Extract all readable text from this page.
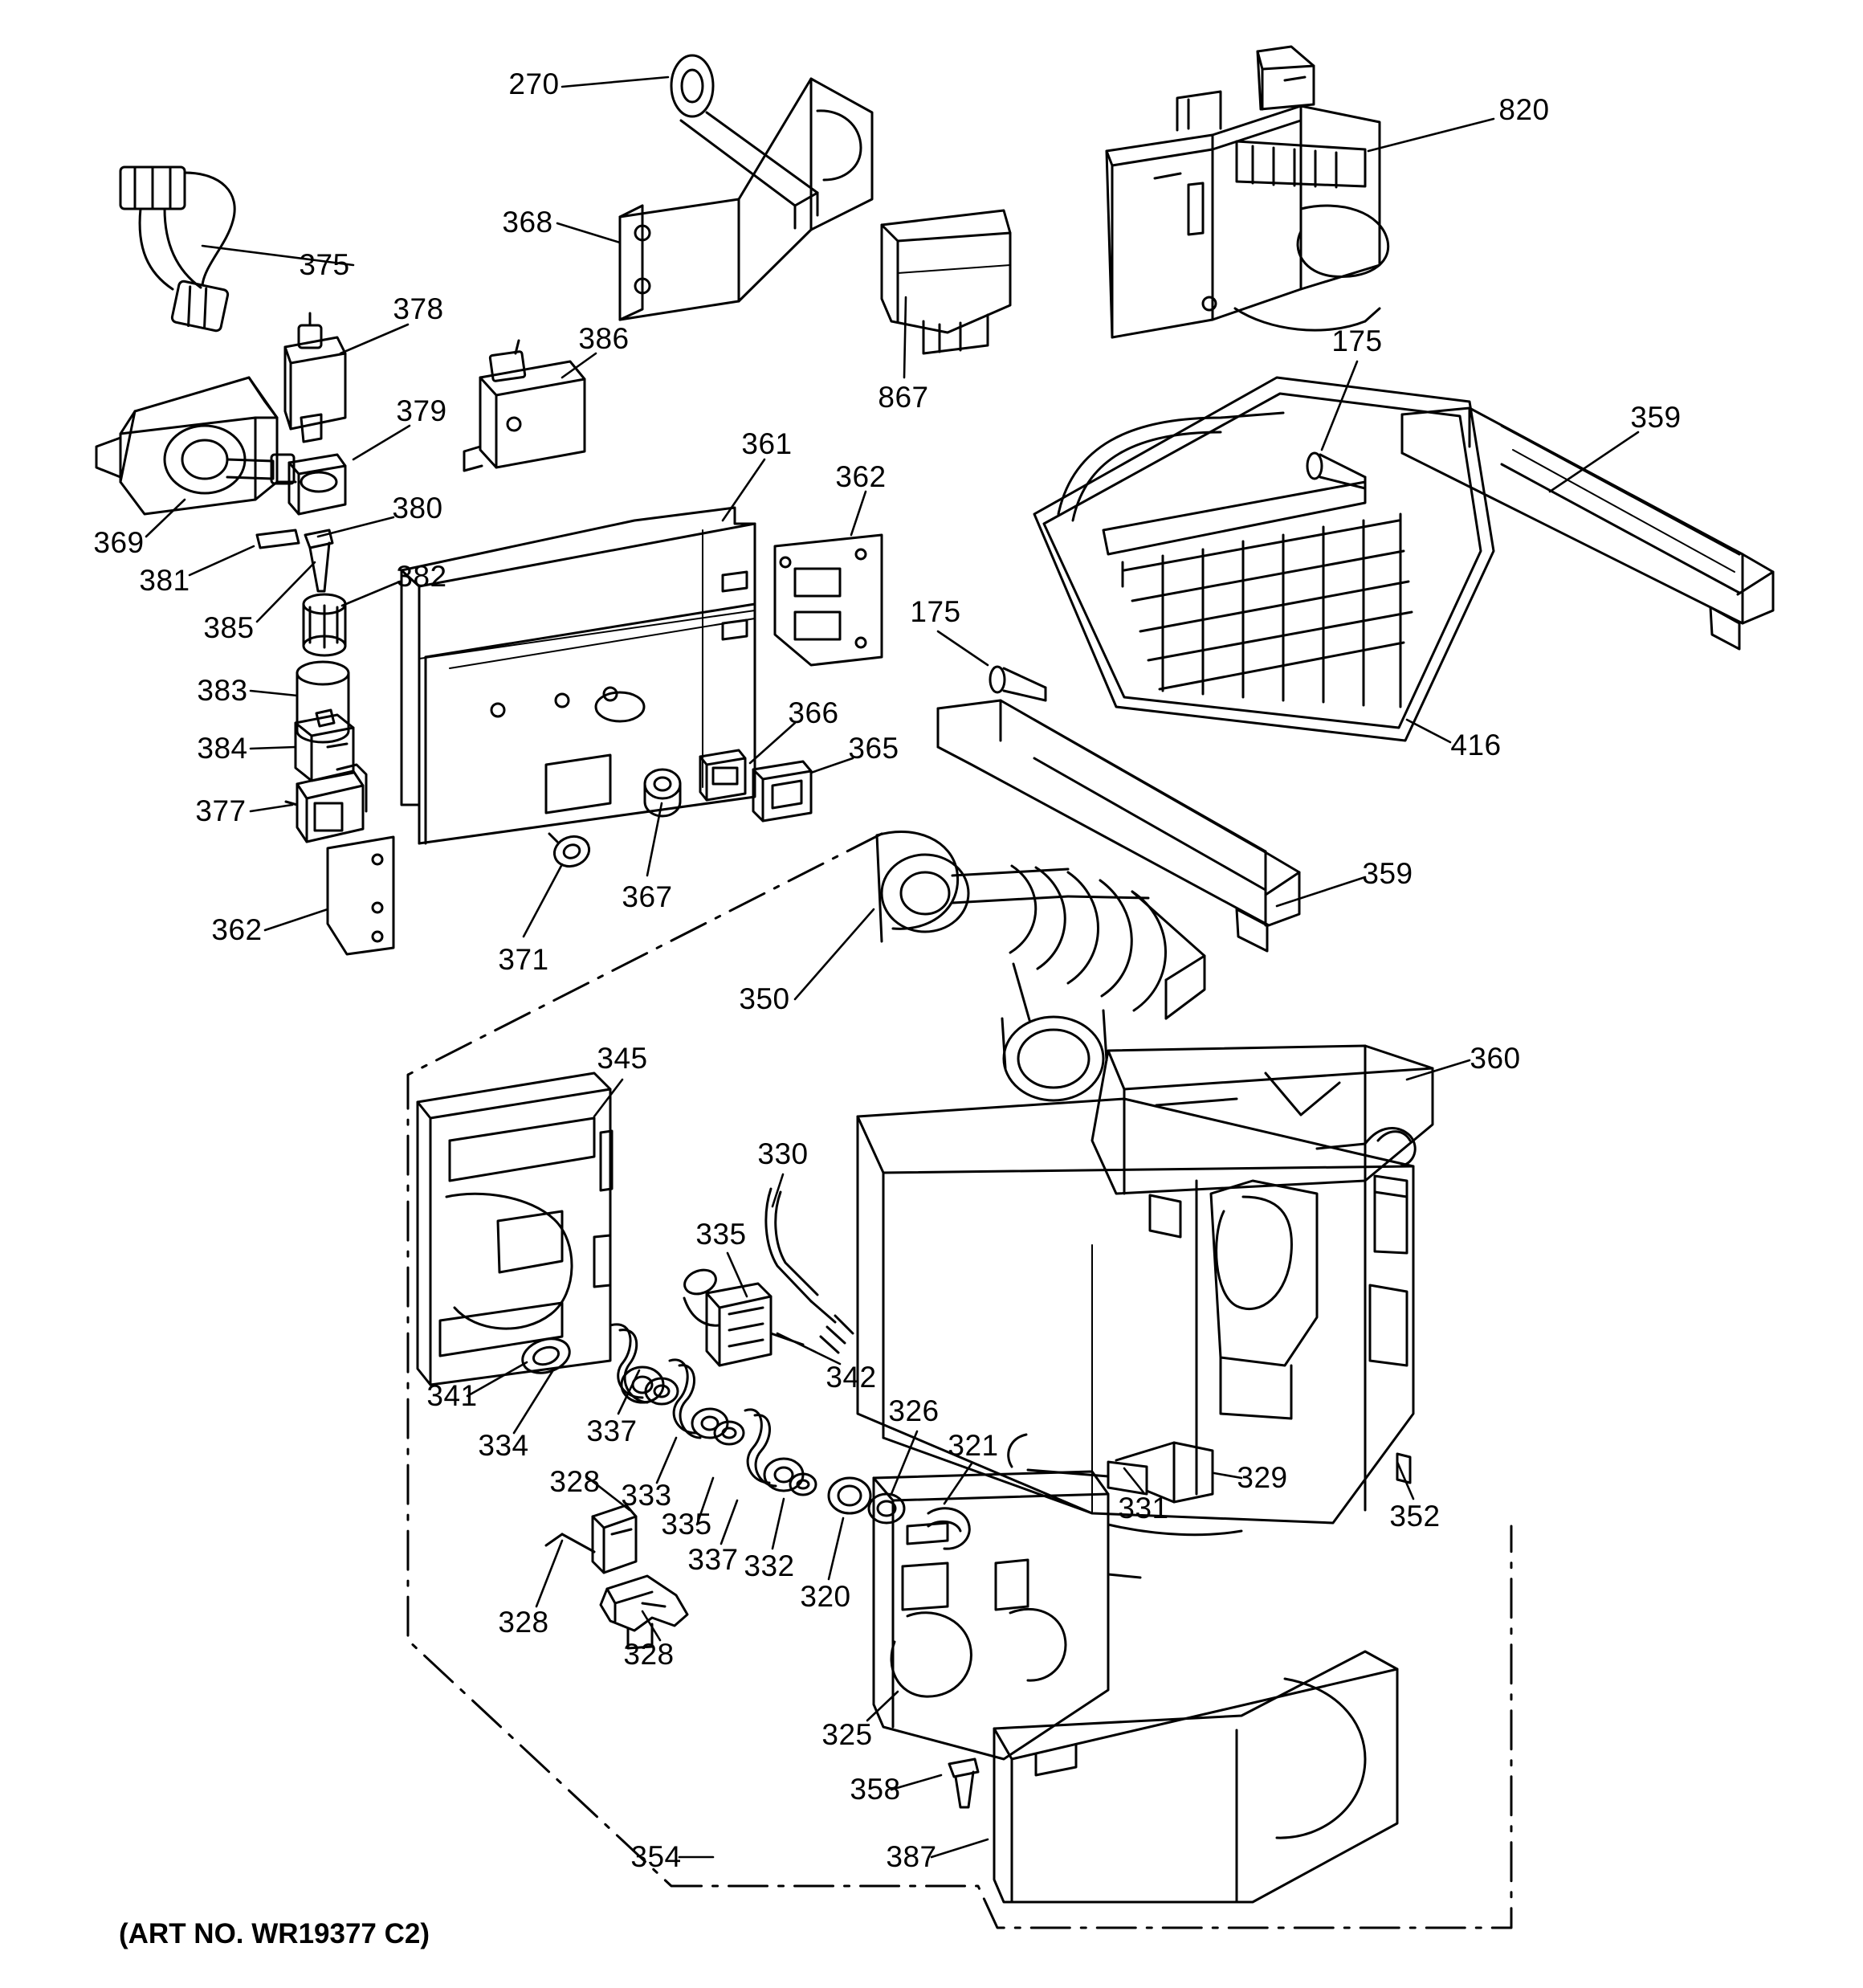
270
820
368
375
378
386
867
379
175
359
361
362
380
369
381	382
385	175
383
384	416
366
365
377
362
371
367
359
350
360
345
330
335
341
342
334 337
326
321
328 333
329
335	331	352
337 332
320
328
328
325
358
354	387
(ART NO. WR19377 C2)
